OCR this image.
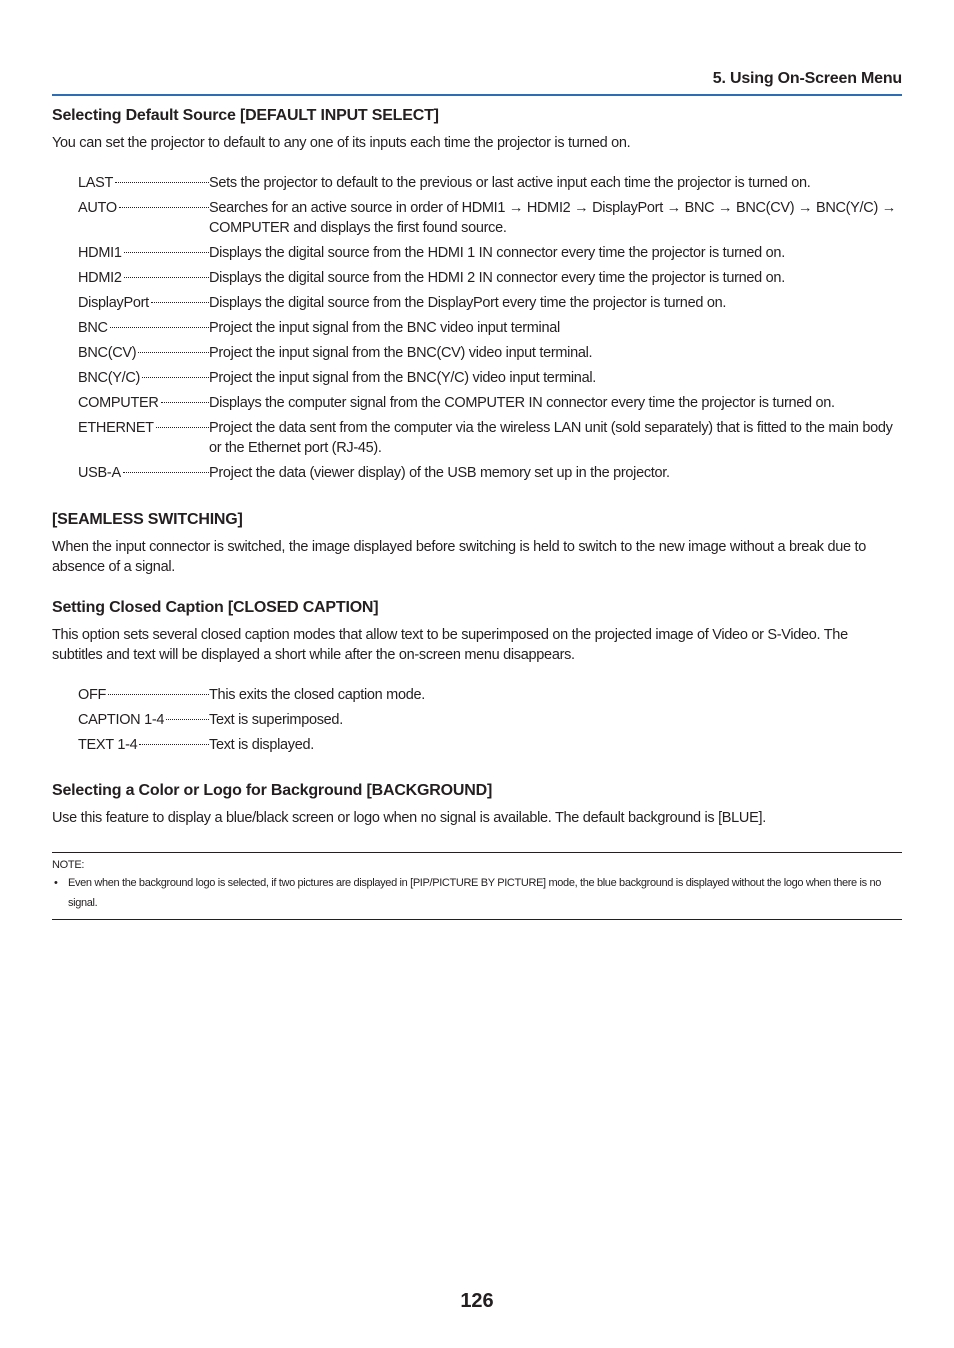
5. Using On-Screen Menu
Selecting Default Source [DEFAULT INPUT SELECT]
You can set the projector to default to any one of its inputs each time the projector is turned on.
LAST	Sets the projector to default to the previous or last active input each time the projector is turned on.
AUTO	Searches for an active source in order of HDMI1 → HDMI2 → DisplayPort → BNC → BNC(CV) → BNC(Y/C) → COMPUTER and displays the first found source.
HDMI1	Displays the digital source from the HDMI 1 IN connector every time the projector is turned on.
HDMI2	Displays the digital source from the HDMI 2 IN connector every time the projector is turned on.
DisplayPort	Displays the digital source from the DisplayPort every time the projector is turned on.
BNC	Project the input signal from the BNC video input terminal
BNC(CV)	Project the input signal from the BNC(CV) video input terminal.
BNC(Y/C)	Project the input signal from the BNC(Y/C) video input terminal.
COMPUTER	Displays the computer signal from the COMPUTER IN connector every time the projector is turned on.
ETHERNET	Project the data sent from the computer via the wireless LAN unit (sold separately) that is fitted to the main body or the Ethernet port (RJ-45).
USB-A	Project the data (viewer display) of the USB memory set up in the projector.
[SEAMLESS SWITCHING]
When the input connector is switched, the image displayed before switching is held to switch to the new image without a break due to absence of a signal.
Setting Closed Caption [CLOSED CAPTION]
This option sets several closed caption modes that allow text to be superimposed on the projected image of Video or S-Video. The subtitles and text will be displayed a short while after the on-screen menu disappears.
OFF	This exits the closed caption mode.
CAPTION 1-4	Text is superimposed.
TEXT 1-4	Text is displayed.
Selecting a Color or Logo for Background [BACKGROUND]
Use this feature to display a blue/black screen or logo when no signal is available. The default background is [BLUE].
NOTE:
• Even when the background logo is selected, if two pictures are displayed in [PIP/PICTURE BY PICTURE] mode, the blue background is displayed without the logo when there is no signal.
126
